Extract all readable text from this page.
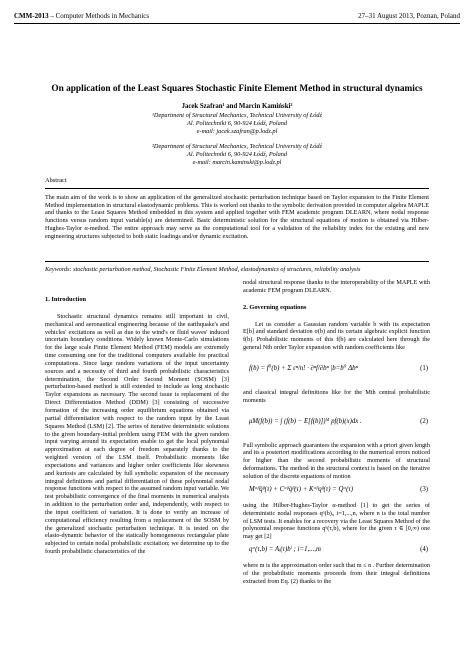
CMM-2013 – Computer Methods in Mechanics	27–31 August 2013, Poznan, Poland
On application of the Least Squares Stochastic Finite Element Method in structural dynamics
Jacek Szafran¹ and Marcin Kamiński²
¹Department of Structural Mechanics, Technical University of Łódź
Al. Politechniki 6, 90-924 Łódź, Poland
e-mail: jacek.szafran@p.lodz.pl
²Department of Structural Mechanics, Technical University of Łódź
Al. Politechniki 6, 90-924 Łódź, Poland
e-mail: marcin.kaminski@p.lodz.pl
Abstract
The main aim of the work is to show an application of the generalized stochastic perturbation technique based on Taylor expansion to the Finite Element Method implementation in structural elastodynamic problems. This is worked out thanks to the symbolic derivation provided in computer algebra MAPLE and thanks to the Least Squares Method embedded in this system and applied together with FEM academic program DLEARN, where nodal response functions versus random input variable(s) are determined. Basic deterministic solution for the structural equations of motion is obtained via Hilber-Hughes-Taylor α-method. The entire approach may serve as the computational tool for a validation of the reliability index for the existing and new engineering structures subjected to both static loadings and/or dynamic excitation.
Keywords: stochastic perturbation method, Stochastic Finite Element Method, elastodynamics of structures, reliability analysis
1. Introduction

Stochastic structural dynamics remains still important in civil, mechanical and aeronautical engineering because of the earthquake's and vehicles' excitations as well as due to the wind's or fluid waves' induced uncertain boundary conditions. Widely known Monte-Carlo simulations for the large scale Finite Element Method (FEM) models are extremely time consuming one for the traditional computers available for practical computations. Since large random variations of the input uncertainty sources and a necessity of third and fourth probabilistic characteristics determination, the Second Order Second Moment (SOSM) [3] perturbation-based method is still extended to include as long stochastic Taylor expansions as necessary. The second issue is replacement of the Direct Differentiation Method (DDM) [3] consisting of successive formation of the increasing order equilibrium equations obtained via partial differentiation with respect to the random input by the Least Squares Method (LSM) [2]. The series of iterative deterministic solutions to the given boundary-initial problem using FEM with the given random input varying around its expectation enable to get the local polynomial approximation at each degree of freedom separately thanks to the weighted version of the LSM itself. Probabilistic moments like expectations and variances and higher order coefficients like skewness and kurtosis are calculated by full symbolic expansion of the necessary integral definitions and partial differentiation of these polynomial nodal response functions with respect to the assumed random input variable. We test probabilistic convergence of the final moments in numerical analysis in addition to the perturbation order and, independently, with respect to the input coefficient of variation. It is done to verify an increase of computational efficiency resulting from a replacement of the SOSM by the generalized stochastic perturbation technique. It is tested on the elasto-dynamic behavior of the statically homogeneous rectangular plate subjected to certain nodal probabilistic excitation; we determine up to the fourth probabilistic characteristics of the

nodal structural response thanks to the interoperability of the MAPLE with academic FEM program DLEARN.

2. Governing equations

Let us consider a Gaussian random variable b with its expectation E[b] and standard deviation σ(b) and its certain algebraic explicit function f(b). Probabilistic moments of this f(b) are calculated here through the general Nth order Taylor expansion with random coefficients like

f(b) = f⁰(b) + Σ εⁿ/n! · ∂ⁿf/∂bⁿ |b=b⁰ Δbⁿ	(1)

and classical integral definitions like for the Mth central probabilistic moments

μM(f(b)) = ∫ (f(b) − E[f(b)])ᴹ pf(b)(x)dx .	(2)

Full symbolic approach guarantees the expansion with a priori given length and its a posteriori modifications according to the numerical errors noticed for higher than the second probabilistic moments of structural deformations. The method in the structural context is based on the iterative solution of the discrete equations of motion

Mᵅᵝq̈ᵝ(τ) + Cᵅᵝq̇ᵝ(τ) + Kᵅᵝqᵝ(τ) = Qᵅ(τ)	(3)

using the Hilber-Hughes-Taylor α-method [1] to get the series of deterministic nodal responses qᵅ(b)ᵢ, i=1,...,n, where n is the total number of LSM tests. It enables for a recovery via the Least Squares Method of the polynomial response functions qᵅ(τ,b), where for the given τ ∈ [0,∞) one may get [2]

qᵅ(τ,b) = Aᵢ(τ)bⁱ ; i=1,...,m	(4)

where m is the approximation order such that m ≤ n . Further determination of the probabilistic moments proceeds from their integral definitions extracted from Eq. (2) thanks to the
